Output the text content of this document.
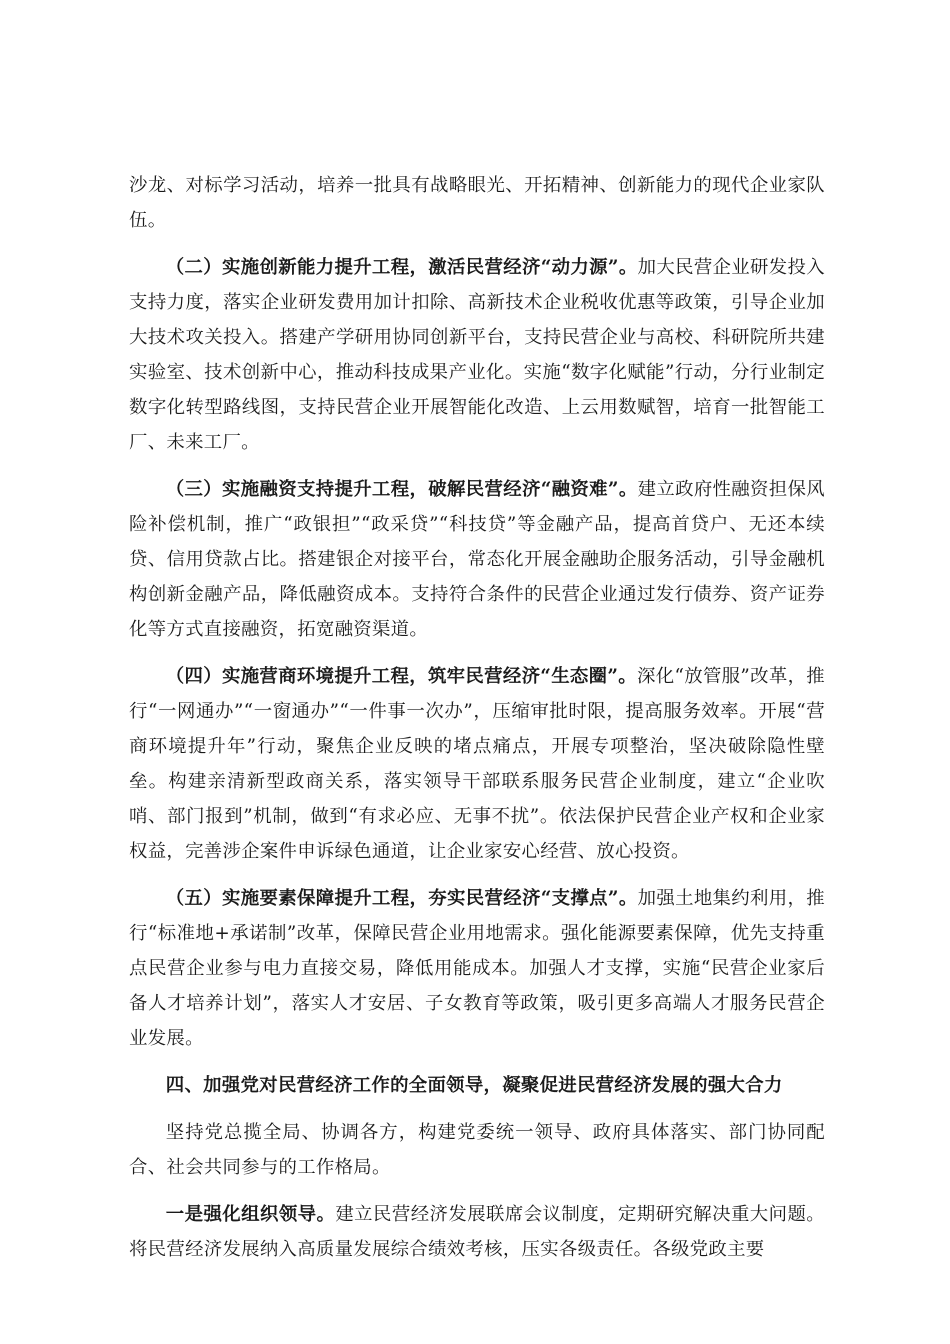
沙龙、对标学习活动，培养一批具有战略眼光、开拓精神、创新能力的现代企业家队伍。

（二）实施创新能力提升工程，激活民营经济“动力源”。加大民营企业研发投入支持力度，落实企业研发费用加计扣除、高新技术企业税收优惠等政策，引导企业加大技术攻关投入。搭建产学研用协同创新平台，支持民营企业与高校、科研院所共建实验室、技术创新中心，推动科技成果产业化。实施“数字化赋能”行动，分行业制定数字化转型路线图，支持民营企业开展智能化改造、上云用数赋智，培育一批智能工厂、未来工厂。

（三）实施融资支持提升工程，破解民营经济“融资难”。建立政府性融资担保风险补偿机制，推广“政银担”“政采贷”“科技贷”等金融产品，提高首贷户、无还本续贷、信用贷款占比。搭建银企对接平台，常态化开展金融助企服务活动，引导金融机构创新金融产品，降低融资成本。支持符合条件的民营企业通过发行债券、资产证券化等方式直接融资，拓宽融资渠道。

（四）实施营商环境提升工程，筑牢民营经济“生态圈”。深化“放管服”改革，推行“一网通办”“一窗通办”“一件事一次办”，压缩审批时限，提高服务效率。开展“营商环境提升年”行动，聚焦企业反映的堵点痛点，开展专项整治，坚决破除隐性壁垒。构建亲清新型政商关系，落实领导干部联系服务民营企业制度，建立“企业吹哨、部门报到”机制，做到“有求必应、无事不扰”。依法保护民营企业产权和企业家权益，完善涉企案件申诉绿色通道，让企业家安心经营、放心投资。

（五）实施要素保障提升工程，夯实民营经济“支撑点”。加强土地集约利用，推行“标准地+承诺制”改革，保障民营企业用地需求。强化能源要素保障，优先支持重点民营企业参与电力直接交易，降低用能成本。加强人才支撑，实施“民营企业家后备人才培养计划”，落实人才安居、子女教育等政策，吸引更多高端人才服务民营企业发展。

四、加强党对民营经济工作的全面领导，凝聚促进民营经济发展的强大合力

坚持党总揽全局、协调各方，构建党委统一领导、政府具体落实、部门协同配合、社会共同参与的工作格局。

一是强化组织领导。建立民营经济发展联席会议制度，定期研究解决重大问题。将民营经济发展纳入高质量发展综合绩效考核，压实各级责任。各级党政主要
